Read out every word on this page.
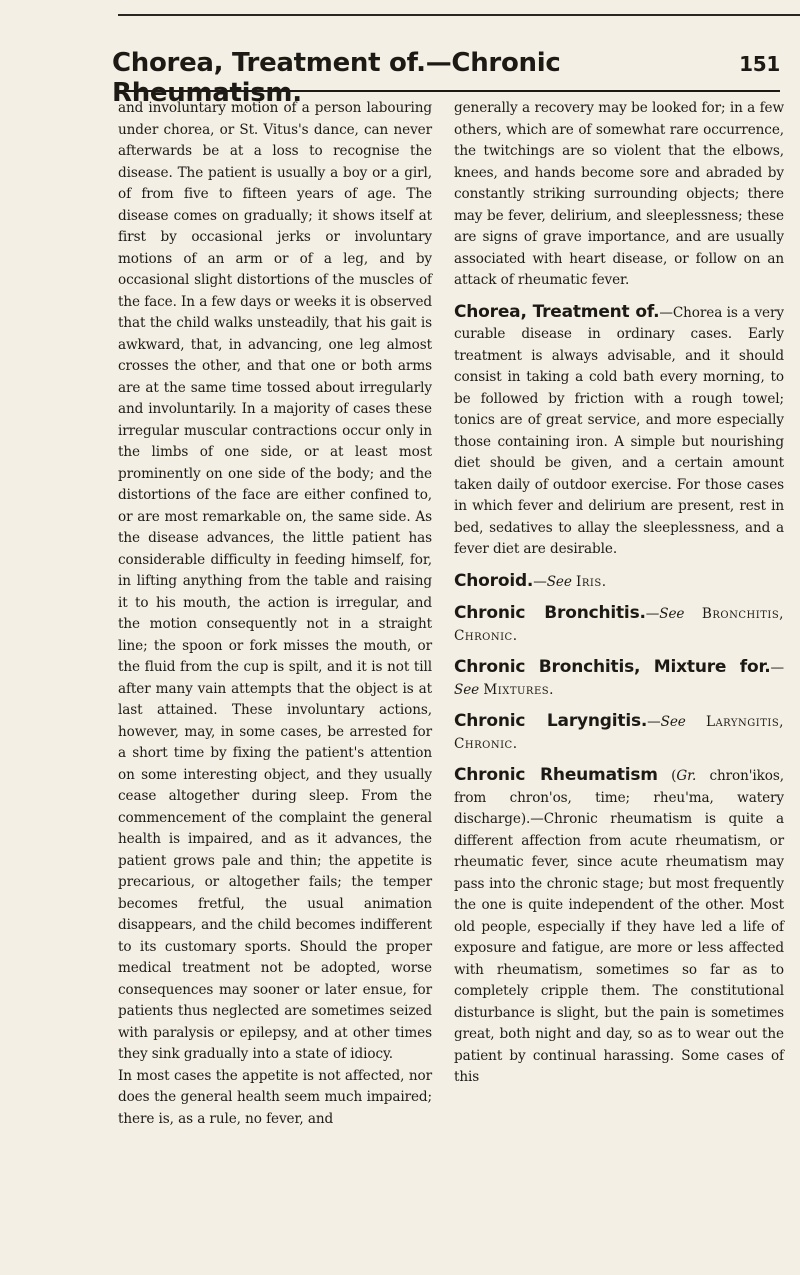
Chorea, Treatment of.—Chronic Rheumatism.
151

and involuntary motion of a person labouring under chorea, or St. Vitus's dance, can never afterwards be at a loss to recognise the disease. The patient is usually a boy or a girl, of from five to fifteen years of age. The disease comes on gradually; it shows itself at first by occasional jerks or involuntary motions of an arm or of a leg, and by occasional slight distortions of the muscles of the face. In a few days or weeks it is observed that the child walks unsteadily, that his gait is awkward, that, in advancing, one leg almost crosses the other, and that one or both arms are at the same time tossed about irregularly and involuntarily. In a majority of cases these irregular muscular contractions occur only in the limbs of one side, or at least most prominently on one side of the body; and the distortions of the face are either confined to, or are most remarkable on, the same side. As the disease advances, the little patient has considerable difficulty in feeding himself, for, in lifting anything from the table and raising it to his mouth, the action is irregular, and the motion consequently not in a straight line; the spoon or fork misses the mouth, or the fluid from the cup is spilt, and it is not till after many vain attempts that the object is at last attained. These involuntary actions, however, may, in some cases, be arrested for a short time by fixing the patient's attention on some interesting object, and they usually cease altogether during sleep. From the commencement of the complaint the general health is impaired, and as it advances, the patient grows pale and thin; the appetite is precarious, or altogether fails; the temper becomes fretful, the usual animation disappears, and the child becomes indifferent to its customary sports. Should the proper medical treatment not be adopted, worse consequences may sooner or later ensue, for patients thus neglected are sometimes seized with paralysis or epilepsy, and at other times they sink gradually into a state of idiocy.

In most cases the appetite is not affected, nor does the general health seem much impaired; there is, as a rule, no fever, and

generally a recovery may be looked for; in a few others, which are of somewhat rare occurrence, the twitchings are so violent that the elbows, knees, and hands become sore and abraded by constantly striking surrounding objects; there may be fever, delirium, and sleeplessness; these are signs of grave importance, and are usually associated with heart disease, or follow on an attack of rheumatic fever.

Chorea, Treatment of.—Chorea is a very curable disease in ordinary cases. Early treatment is always advisable, and it should consist in taking a cold bath every morning, to be followed by friction with a rough towel; tonics are of great service, and more especially those containing iron. A simple but nourishing diet should be given, and a certain amount taken daily of outdoor exercise. For those cases in which fever and delirium are present, rest in bed, sedatives to allay the sleeplessness, and a fever diet are desirable.

Choroid.—See Iris.

Chronic Bronchitis.—See Bronchitis, Chronic.

Chronic Bronchitis, Mixture for.—See Mixtures.

Chronic Laryngitis.—See Laryngitis, Chronic.

Chronic Rheumatism (Gr. chron'ikos, from chron'os, time; rheu'ma, watery discharge).—Chronic rheumatism is quite a different affection from acute rheumatism, or rheumatic fever, since acute rheumatism may pass into the chronic stage; but most frequently the one is quite independent of the other. Most old people, especially if they have led a life of exposure and fatigue, are more or less affected with rheumatism, sometimes so far as to completely cripple them. The constitutional disturbance is slight, but the pain is sometimes great, both night and day, so as to wear out the patient by continual harassing. Some cases of this
